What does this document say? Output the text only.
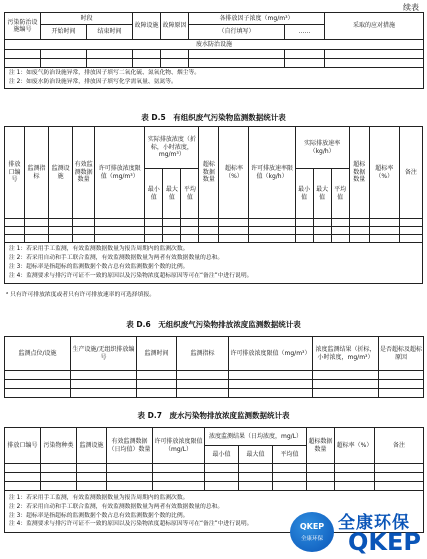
续表
污染防治设施编号	时段		故障设施	故障原因	各排放因子浓度（mg/m³）		采取的应对措施
	开始时间	结束时间			（自行填写）	……	
废水防治设施							

注 1：如废气防治设施异常，排放因子填写二氧化硫、氮氧化物、烟尘等。
注 2：如废水防治设施异常，排放因子填写化学需氧量、氨氮等。							
表 D.5　有组织废气污染物监测数据统计表
排放口编号	监测指标	监测设施	有效监测数据数量	许可排放浓度限值（mg/m³）	实际排放浓度（折标，小时浓度，mg/m³）			超标数据数量	超标率（%）	许可排放速率限值（kg/h）	实际排放速率（kg/h）			超标数据数量	超标率（%）	备注
					最小值	最大值	平均值				最小值	最大值	平均值			

注 1：若采用手工监测，有效监测数据数量为报告周期内的监测次数。
注 2：若采用自动和手工联合监测，有效监测数据数量为两者有效数据数量的总和。
注 3：超标率是指超标的监测数据个数占总有效监测数据个数的比例。
注 4：监测要求与排污许可证不一致的原因以及污染物浓度超标原因等可在“备注”中进行说明。																
ᵃ 只有许可排放浓度或者只有许可排放速率的可选择填报。
表 D.6　无组织废气污染物排放浓度监测数据统计表
监测点位/设施	生产设施/无组织排放编号	监测时间	监测指标	许可排放浓度限值（mg/m³）	浓度监测结果（折标，小时浓度，mg/m³）	是否超标及超标原因

表 D.7　废水污染物排放浓度监测数据统计表
排放口编号	污染物种类	监测设施	有效监测数据（日均值）数量	许可排放浓度限值（mg/L）	浓度监测结果（日均浓度，mg/L）			超标数据数量	超标率（%）	备注
					最小值	最大值	平均值			

注 1：若采用手工监测，有效监测数据数量为报告周期内的监测次数。
注 2：若采用自动和手工联合监测，有效监测数据数量为两者有效数据数量的总和。
注 3：超标率是指超标的监测数据个数占总有效监测数据个数的比例。
注 4：监测要求与排污许可证不一致的原因以及污染物浓度超标原因等可在“备注”中进行说明。											QKEP
全康环保
全康环保
QKEP
